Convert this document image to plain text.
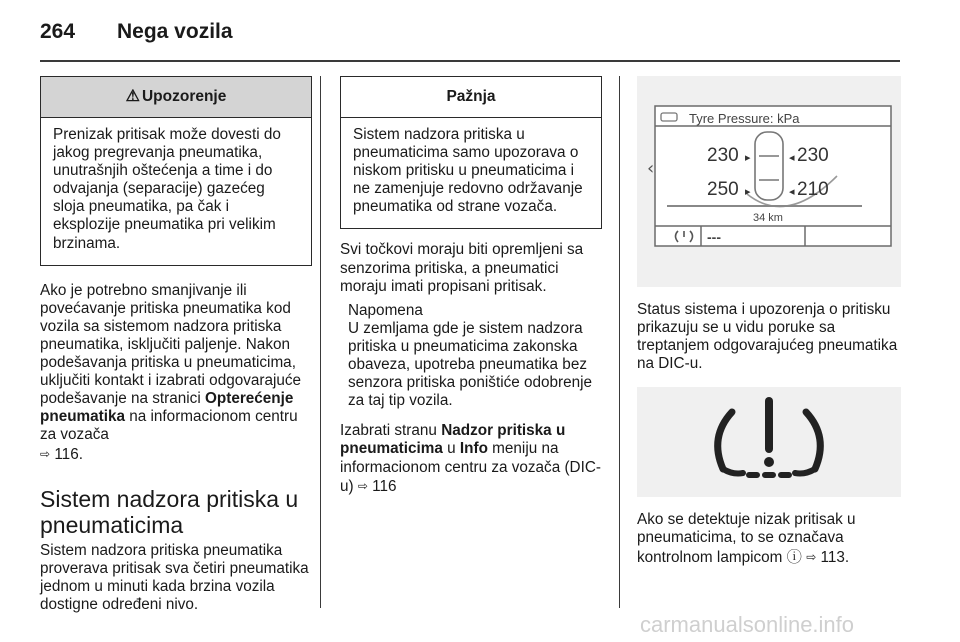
264 Nega vozila
⚠ Upozorenje
Prenizak pritisak može dovesti do jakog pregrevanja pneumatika, unutrašnjih oštećenja a time i do odvajanja (separacije) gazećeg sloja pneumatika, pa čak i eksplozije pneumatika pri velikim brzinama.

Ako je potrebno smanjivanje ili povećavanje pritiska pneumatika kod vozila sa sistemom nadzora pritiska pneumatika, isključiti paljenje. Nakon podešavanja pritiska u pneumaticima, uključiti kontakt i izabrati odgovarajuće podešavanje na stranici Opterećenje pneumatika na informacionom centru za vozača
⇨ 116.

Sistem nadzora pritiska u pneumaticima

Sistem nadzora pritiska pneumatika proverava pritisak sva četiri pneumatika jednom u minuti kada brzina vozila dostigne određeni nivo.

Pažnja
Sistem nadzora pritiska u pneumaticima samo upozorava o niskom pritisku u pneumaticima i ne zamenjuje redovno održavanje pneumatika od strane vozača.

Svi točkovi moraju biti opremljeni sa senzorima pritiska, a pneumatici moraju imati propisani pritisak.

Napomena

U zemljama gde je sistem nadzora pritiska u pneumaticima zakonska obaveza, upotreba pneumatika bez senzora pritiska poništiće odobrenje za taj tip vozila.

Izabrati stranu Nadzor pritiska u pneumaticima u Info meniju na informacionom centru za vozača (DIC-u) ⇨ 116

‹
Tyre Pressure: kPa
230 ▸	◂ 230
250 ▸	◂ 210
34 km
---

Status sistema i upozorenja o pritisku prikazuju se u vidu poruke sa treptanjem odgovarajućeg pneumatika na DIC-u.

Ako se detektuje nizak pritisak u pneumaticima, to se označava kontrolnom lampicom ⓘ ⇨ 113.

carmanualsonline.info
